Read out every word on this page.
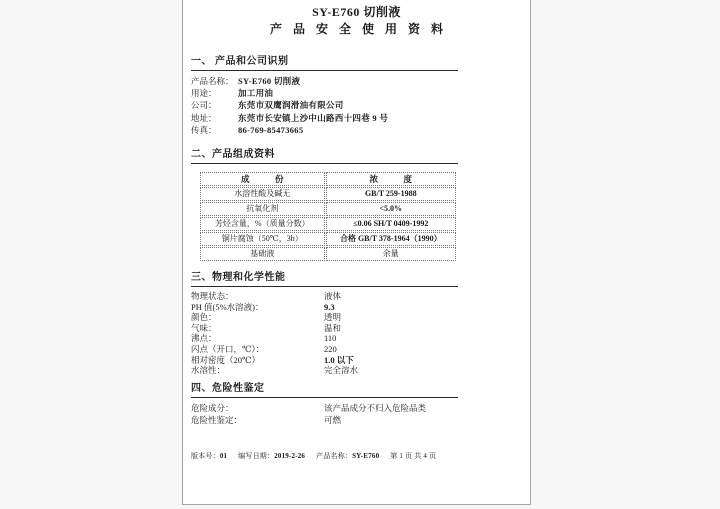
SY-E760 切削液
产品安全使用资料
一、 产品和公司识别
产品名称： SY-E760 切削液
用途：	加工用油
公司：	东莞市双鹰润滑油有限公司
地址：	东莞市长安镇上沙中山路西十四巷 9 号
传真：	86-769-85473665
二、产品组成资料
成　　　份	浓　　　度
水溶性酸及碱无	GB/T 259-1988
抗氧化剂	<5.0%
芳烃含量，%（质量分数）	≤0.06 SH/T 0409-1992
铜片腐蚀（50℃，3h）	合格 GB/T 378-1964（1990）
基础液	余量
三、物理和化学性能
物理状态：	液体
PH 值(5%水溶液)：	9.3
颜色：	透明
气味：	温和
沸点：	110
闪点（开口，℃）：	220
相对密度（20℃）	1.0 以下
水溶性：	完全溶水
四、危险性鉴定
危险成分：	该产品成分不归入危险品类
危险性鉴定：	可燃
版本号：01 编写日期：2019-2-26 产品名称：SY-E760 第 1 页 共 4 页
